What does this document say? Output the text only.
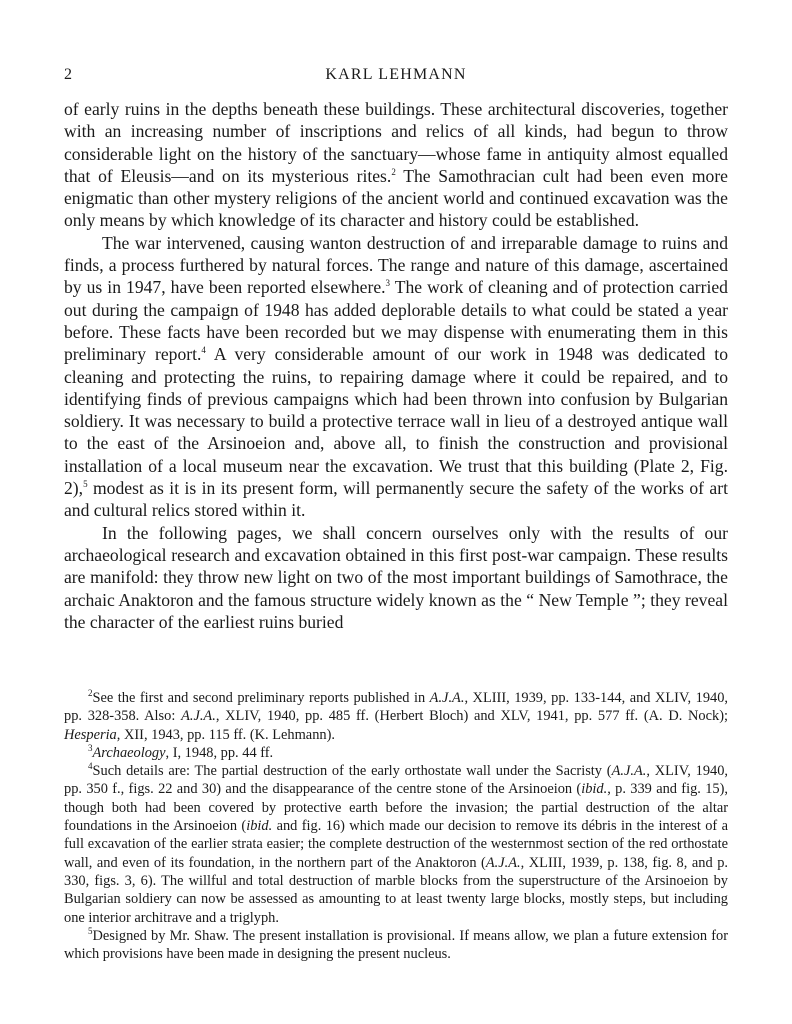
2	KARL LEHMANN

of early ruins in the depths beneath these buildings. These architectural discoveries, together with an increasing number of inscriptions and relics of all kinds, had begun to throw considerable light on the history of the sanctuary—whose fame in antiquity almost equalled that of Eleusis—and on its mysterious rites.$^2$ The Samothracian cult had been even more enigmatic than other mystery religions of the ancient world and continued excavation was the only means by which knowledge of its character and history could be established.

The war intervened, causing wanton destruction of and irreparable damage to ruins and finds, a process furthered by natural forces. The range and nature of this damage, ascertained by us in 1947, have been reported elsewhere.$^3$ The work of cleaning and of protection carried out during the campaign of 1948 has added deplorable details to what could be stated a year before. These facts have been recorded but we may dispense with enumerating them in this preliminary report.$^4$ A very considerable amount of our work in 1948 was dedicated to cleaning and protecting the ruins, to repairing damage where it could be repaired, and to identifying finds of previous campaigns which had been thrown into confusion by Bulgarian soldiery. It was necessary to build a protective terrace wall in lieu of a destroyed antique wall to the east of the Arsinoeion and, above all, to finish the construction and provisional installation of a local museum near the excavation. We trust that this building (Plate 2, Fig. 2),$^5$ modest as it is in its present form, will permanently secure the safety of the works of art and cultural relics stored within it.

In the following pages, we shall concern ourselves only with the results of our archaeological research and excavation obtained in this first post-war campaign. These results are manifold: they throw new light on two of the most important buildings of Samothrace, the archaic Anaktoron and the famous structure widely known as the “ New Temple ”; they reveal the character of the earliest ruins buried

$^2$See the first and second preliminary reports published in A.J.A., XLIII, 1939, pp. 133-144, and XLIV, 1940, pp. 328-358. Also: A.J.A., XLIV, 1940, pp. 485 ff. (Herbert Bloch) and XLV, 1941, pp. 577 ff. (A. D. Nock); Hesperia, XII, 1943, pp. 115 ff. (K. Lehmann).

$^3$Archaeology, I, 1948, pp. 44 ff.

$^4$Such details are: The partial destruction of the early orthostate wall under the Sacristy (A.J.A., XLIV, 1940, pp. 350 f., figs. 22 and 30) and the disappearance of the centre stone of the Arsinoeion (ibid., p. 339 and fig. 15), though both had been covered by protective earth before the invasion; the partial destruction of the altar foundations in the Arsinoeion (ibid. and fig. 16) which made our decision to remove its débris in the interest of a full excavation of the earlier strata easier; the complete destruction of the westernmost section of the red orthostate wall, and even of its foundation, in the northern part of the Anaktoron (A.J.A., XLIII, 1939, p. 138, fig. 8, and p. 330, figs. 3, 6). The willful and total destruction of marble blocks from the superstructure of the Arsinoeion by Bulgarian soldiery can now be assessed as amounting to at least twenty large blocks, mostly steps, but including one interior architrave and a triglyph.

$^5$Designed by Mr. Shaw. The present installation is provisional. If means allow, we plan a future extension for which provisions have been made in designing the present nucleus.
